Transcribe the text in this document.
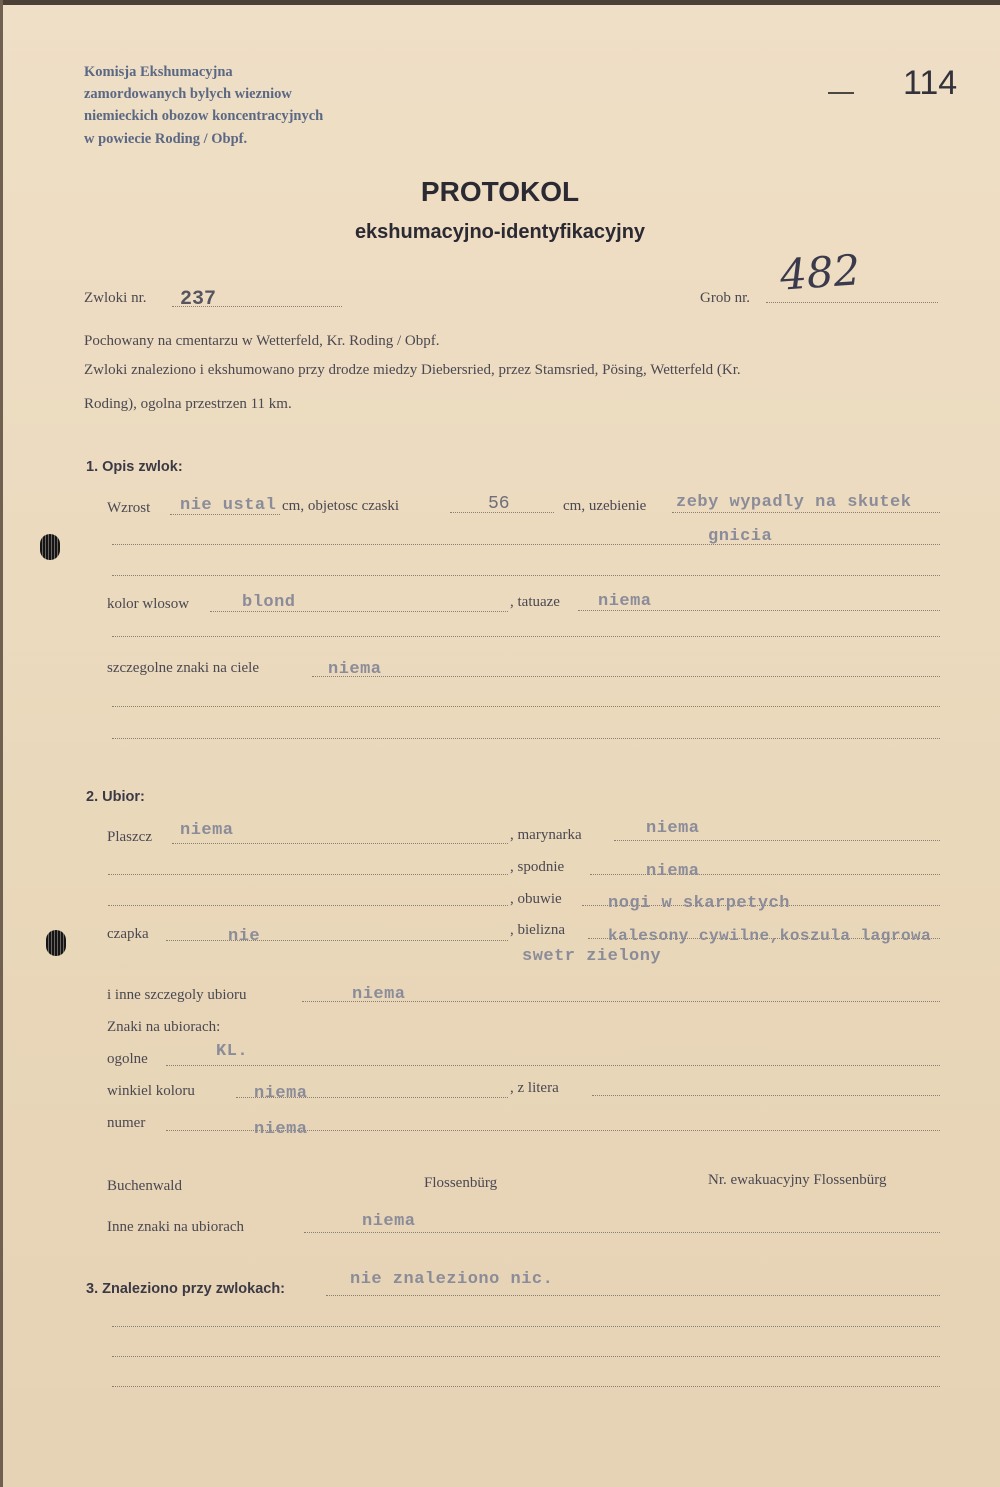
Komisja Ekshumacyjna
zamordowanych bylych wiezniow
niemieckich obozow koncentracyjnych
w powiecie Roding / Obpf.
114
PROTOKOL
ekshumacyjno-identyfikacyjny
Zwloki nr. 237	Grob nr. 482
Pochowany na cmentarzu w Wetterfeld, Kr. Roding / Obpf.
Zwloki znaleziono i ekshumowano przy drodze miedzy Diebersried, przez Stamsried, Pösing, Wetterfeld (Kr.
Roding), ogolna przestrzen 11 km.
1. Opis zwlok:
Wzrost nie ustal cm, objetosc czaski	56	cm, uzebienie zeby wypadly na skutek
gnicia
kolor wlosow	blond	, tatuaze niema
szczegolne znaki na ciele	niema
2. Ubior:
Plaszcz niema	, marynarka	niema
, spodnie	niema
, obuwie	nogi w skarpetych
czapka	nie	, bielizna	kalesony cywilne,koszula lagrowa
swetr zielony
i inne szczegoly ubioru	niema
Znaki na ubiorach:
ogolne	KL.
winkiel koloru	niema	, z litera
numer	niema
Buchenwald	Flossenbürg	Nr. ewakuacyjny Flossenbürg
Inne znaki na ubiorach	niema
3. Znaleziono przy zwlokach:	nie znaleziono nic.
